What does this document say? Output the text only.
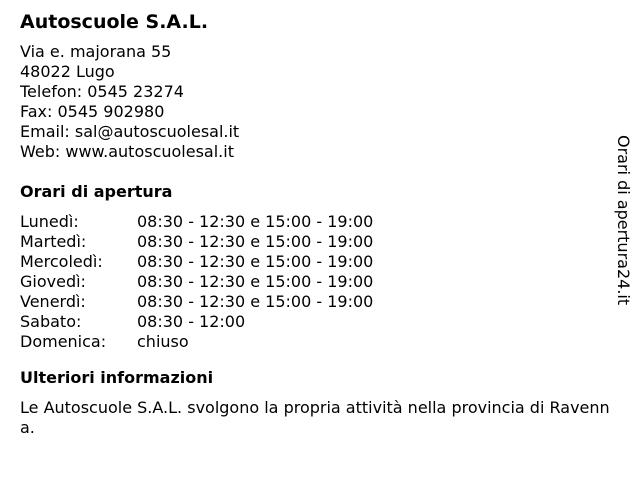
Autoscuole S.A.L.
Via e. majorana 55
48022 Lugo
Telefon: 0545 23274
Fax: 0545 902980
Email: sal@autoscuolesal.it
Web: www.autoscuolesal.it
Orari di apertura
Lunedì:	08:30 - 12:30 e 15:00 - 19:00
Martedì:	08:30 - 12:30 e 15:00 - 19:00
Mercoledì:	08:30 - 12:30 e 15:00 - 19:00
Giovedì:	08:30 - 12:30 e 15:00 - 19:00
Venerdì:	08:30 - 12:30 e 15:00 - 19:00
Sabato:	08:30 - 12:00
Domenica:	chiuso
Ulteriori informazioni
Le Autoscuole S.A.L. svolgono la propria attività nella provincia di Ravenna.
Orari di apertura24.it
